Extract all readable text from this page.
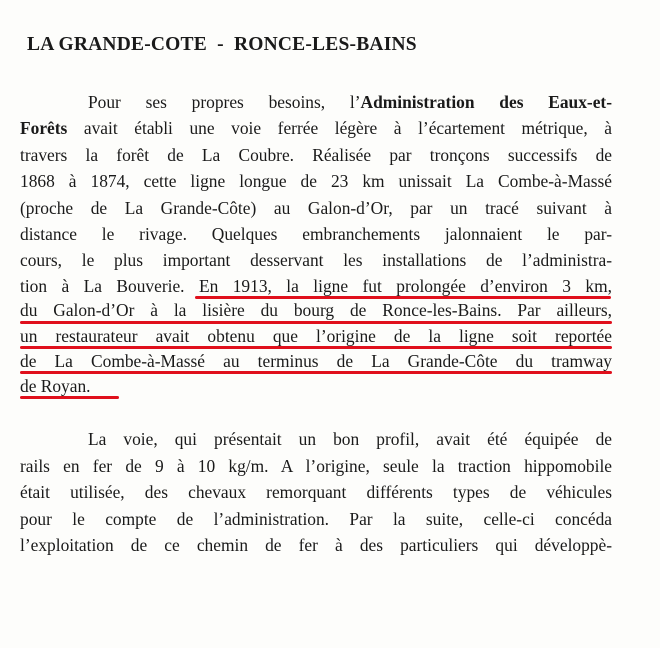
LA GRANDE-COTE  -  RONCE-LES-BAINS
Pour ses propres besoins, l’Administration des Eaux-et-
Forêts avait établi une voie ferrée légère à l’écartement métrique, à
travers la forêt de La Coubre. Réalisée par tronçons successifs de
1868 à 1874, cette ligne longue de 23 km unissait La Combe-à-Massé
(proche de La Grande-Côte) au Galon-d’Or, par un tracé suivant à
distance le rivage. Quelques embranchements jalonnaient le par-
cours, le plus important desservant les installations de l’administra-
tion à La Bouverie. En 1913, la ligne fut prolongée d’environ 3 km,
du Galon-d’Or à la lisière du bourg de Ronce-les-Bains. Par ailleurs,
un restaurateur avait obtenu que l’origine de la ligne soit reportée
de La Combe-à-Massé au terminus de La Grande-Côte du tramway
de Royan.
La voie, qui présentait un bon profil, avait été équipée de
rails en fer de 9 à 10 kg/m. A l’origine, seule la traction hippomobile
était utilisée, des chevaux remorquant différents types de véhicules
pour le compte de l’administration. Par la suite, celle-ci concéda
l’exploitation de ce chemin de fer à des particuliers qui développè-
